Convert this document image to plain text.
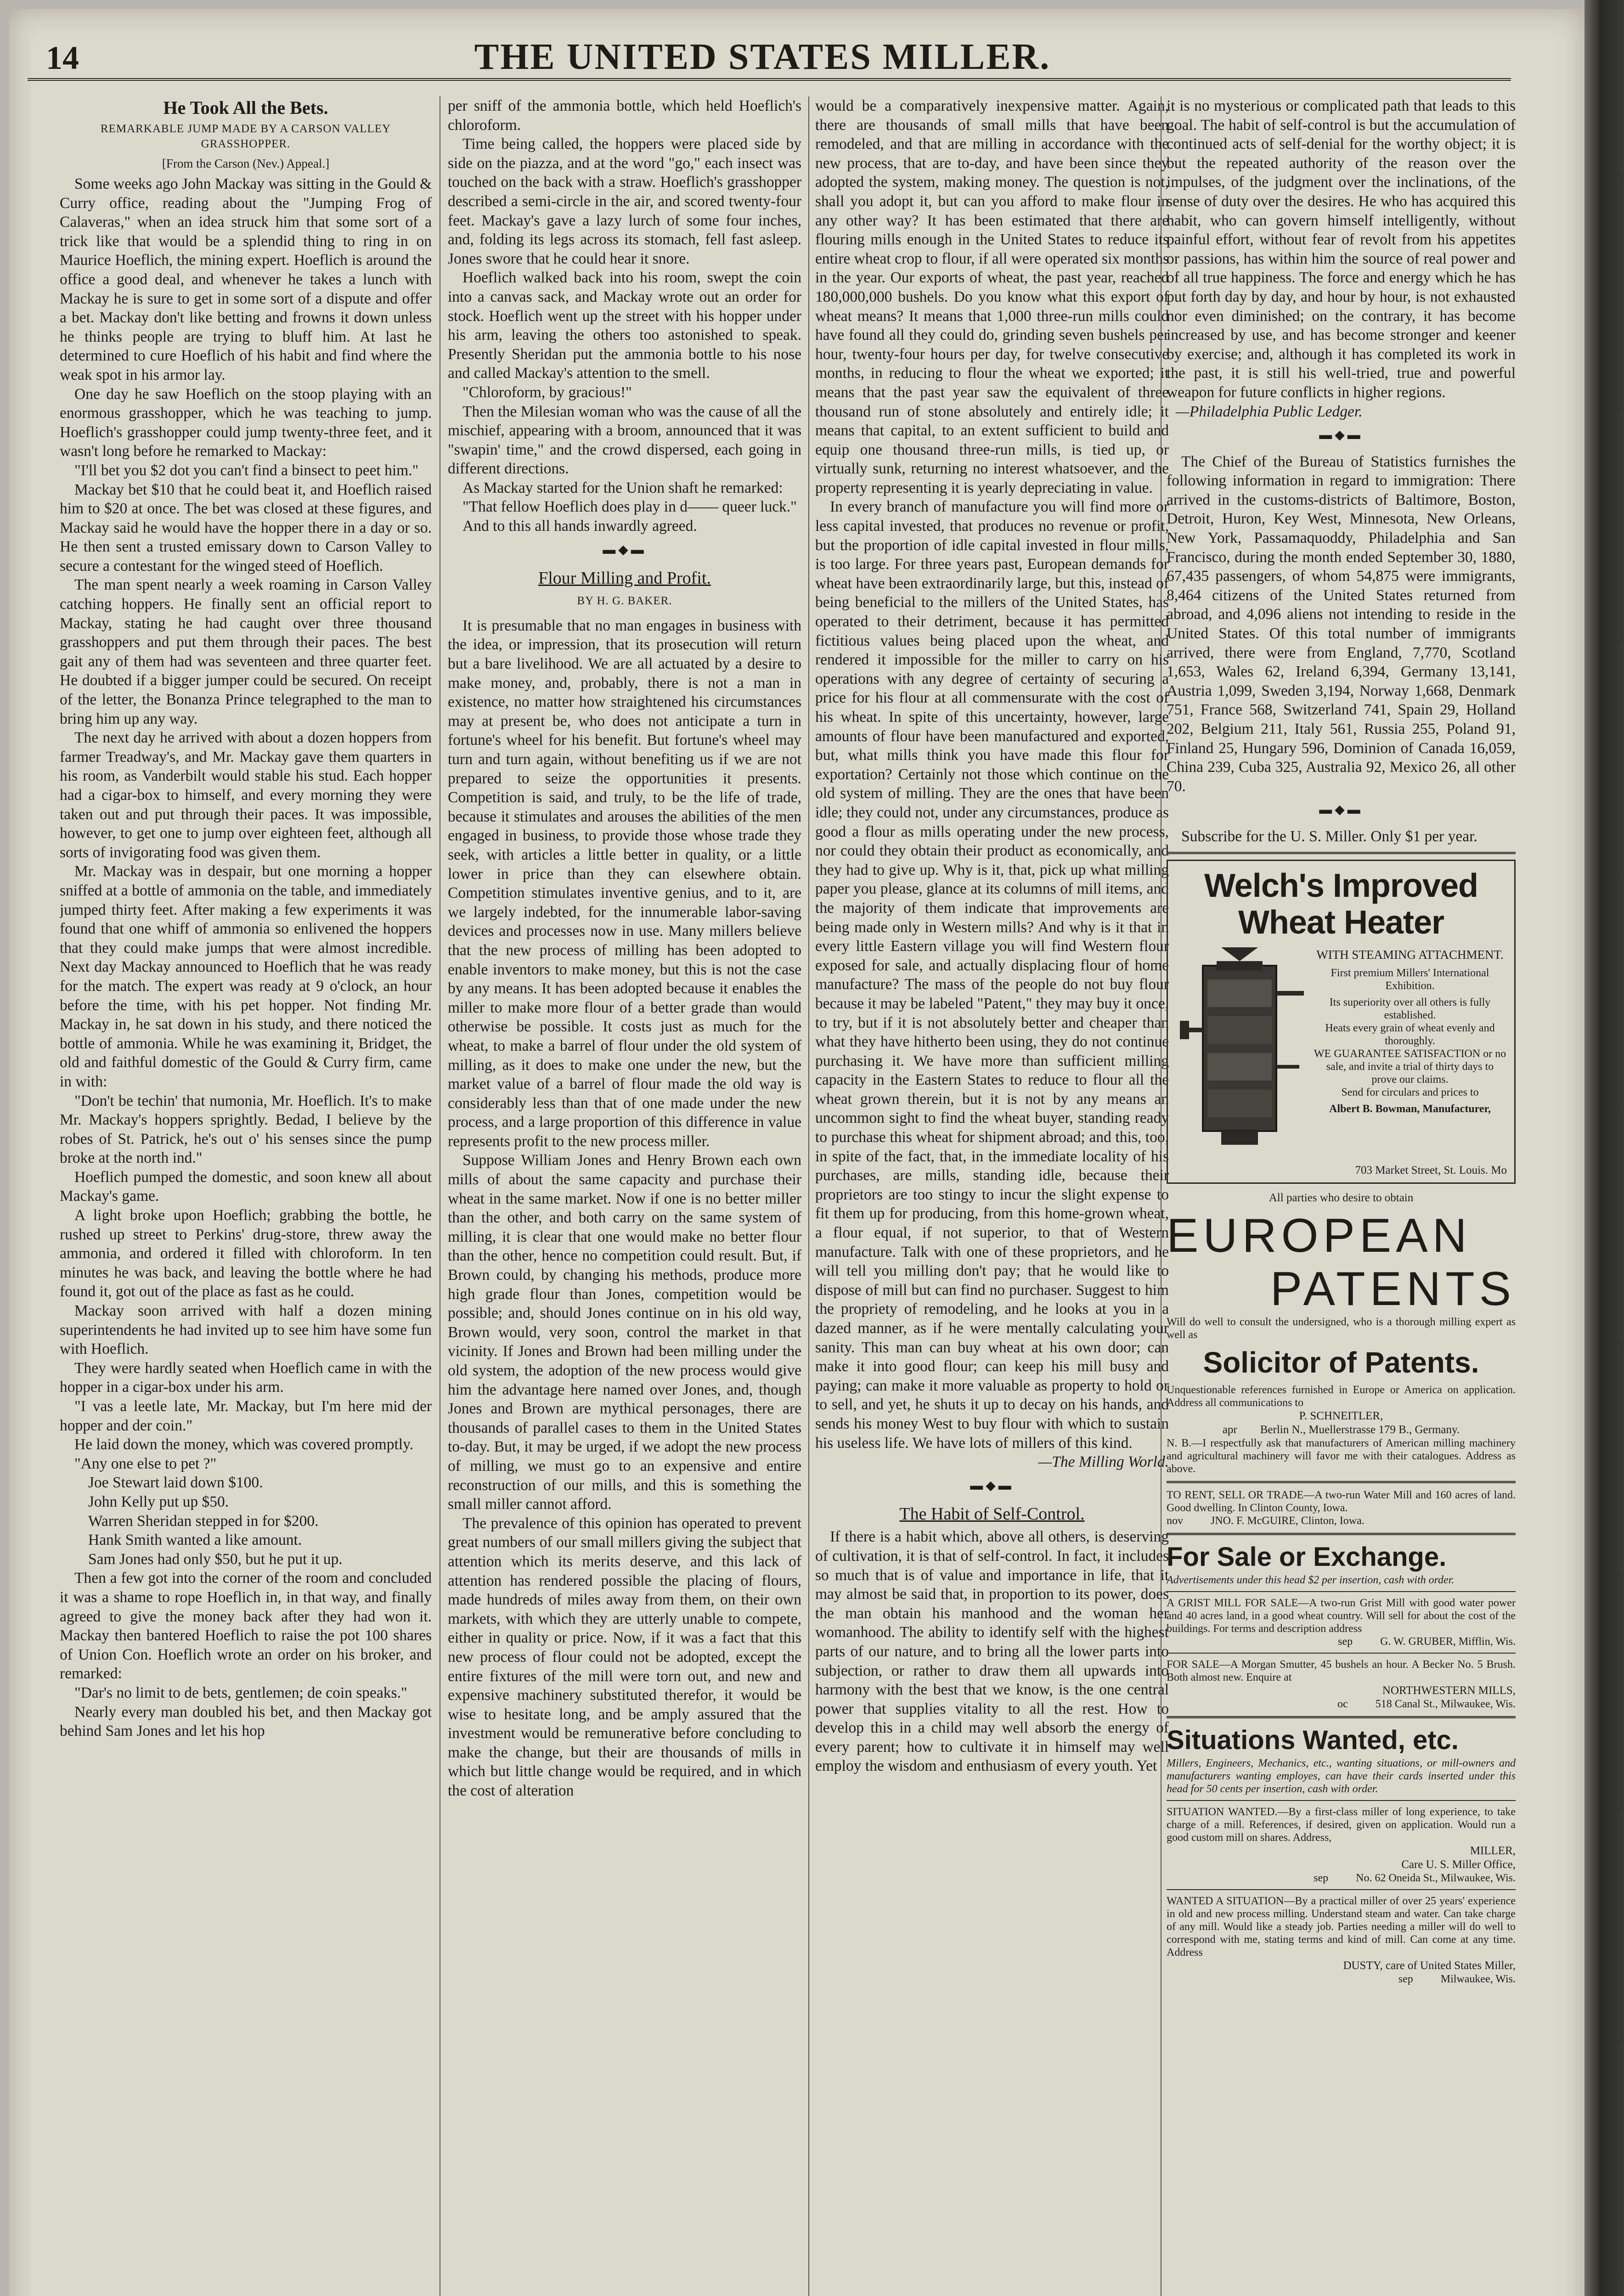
14	THE UNITED STATES MILLER.
He Took All the Bets.
REMARKABLE JUMP MADE BY A CARSON VALLEY GRASSHOPPER.
[From the Carson (Nev.) Appeal.]

Some weeks ago John Mackay was sitting in the Gould & Curry office, reading about the "Jumping Frog of Calaveras," when an idea struck him that some sort of a trick like that would be a splendid thing to ring in on Maurice Hoeflich, the mining expert. Hoeflich is around the office a good deal, and whenever he takes a lunch with Mackay he is sure to get in some sort of a dispute and offer a bet. Mackay don't like betting and frowns it down unless he thinks people are trying to bluff him. At last he determined to cure Hoeflich of his habit and find where the weak spot in his armor lay.

One day he saw Hoeflich on the stoop playing with an enormous grasshopper, which he was teaching to jump. Hoeflich's grasshopper could jump twenty-three feet, and it wasn't long before he remarked to Mackay:

"I'll bet you $2 dot you can't find a binsect to peet him."

Mackay bet $10 that he could beat it, and Hoeflich raised him to $20 at once. The bet was closed at these figures, and Mackay said he would have the hopper there in a day or so. He then sent a trusted emissary down to Carson Valley to secure a contestant for the winged steed of Hoeflich.

The man spent nearly a week roaming in Carson Valley catching hoppers. He finally sent an official report to Mackay, stating he had caught over three thousand grasshoppers and put them through their paces. The best gait any of them had was seventeen and three quarter feet. He doubted if a bigger jumper could be secured. On receipt of the letter, the Bonanza Prince telegraphed to the man to bring him up any way.

The next day he arrived with about a dozen hoppers from farmer Treadway's, and Mr. Mackay gave them quarters in his room, as Vanderbilt would stable his stud. Each hopper had a cigar-box to himself, and every morning they were taken out and put through their paces. It was impossible, however, to get one to jump over eighteen feet, although all sorts of invigorating food was given them.

Mr. Mackay was in despair, but one morning a hopper sniffed at a bottle of ammonia on the table, and immediately jumped thirty feet. After making a few experiments it was found that one whiff of ammonia so enlivened the hoppers that they could make jumps that were almost incredible. Next day Mackay announced to Hoeflich that he was ready for the match. The expert was ready at 9 o'clock, an hour before the time, with his pet hopper. Not finding Mr. Mackay in, he sat down in his study, and there noticed the bottle of ammonia. While he was examining it, Bridget, the old and faithful domestic of the Gould & Curry firm, came in with:

"Don't be techin' that numonia, Mr. Hoeflich. It's to make Mr. Mackay's hoppers sprightly. Bedad, I believe by the robes of St. Patrick, he's out o' his senses since the pump broke at the north ind."

Hoeflich pumped the domestic, and soon knew all about Mackay's game.

A light broke upon Hoeflich; grabbing the bottle, he rushed up street to Perkins' drug-store, threw away the ammonia, and ordered it filled with chloroform. In ten minutes he was back, and leaving the bottle where he had found it, got out of the place as fast as he could.

Mackay soon arrived with half a dozen mining superintendents he had invited up to see him have some fun with Hoeflich.

They were hardly seated when Hoeflich came in with the hopper in a cigar-box under his arm.

"I vas a leetle late, Mr. Mackay, but I'm here mid der hopper and der coin."

He laid down the money, which was covered promptly.

"Any one else to pet ?"

Joe Stewart laid down $100.

John Kelly put up $50.

Warren Sheridan stepped in for $200.

Hank Smith wanted a like amount.

Sam Jones had only $50, but he put it up.

Then a few got into the corner of the room and concluded it was a shame to rope Hoeflich in, in that way, and finally agreed to give the money back after they had won it. Mackay then bantered Hoeflich to raise the pot 100 shares of Union Con. Hoeflich wrote an order on his broker, and remarked:

"Dar's no limit to de bets, gentlemen; de coin speaks."

Nearly every man doubled his bet, and then Mackay got behind Sam Jones and let his hop

per sniff of the ammonia bottle, which held Hoeflich's chloroform.

Time being called, the hoppers were placed side by side on the piazza, and at the word "go," each insect was touched on the back with a straw. Hoeflich's grasshopper described a semi-circle in the air, and scored twenty-four feet. Mackay's gave a lazy lurch of some four inches, and, folding its legs across its stomach, fell fast asleep. Jones swore that he could hear it snore.

Hoeflich walked back into his room, swept the coin into a canvas sack, and Mackay wrote out an order for stock. Hoeflich went up the street with his hopper under his arm, leaving the others too astonished to speak. Presently Sheridan put the ammonia bottle to his nose and called Mackay's attention to the smell.

"Chloroform, by gracious!"

Then the Milesian woman who was the cause of all the mischief, appearing with a broom, announced that it was "swapin' time," and the crowd dispersed, each going in different directions.

As Mackay started for the Union shaft he remarked:

"That fellow Hoeflich does play in d—— queer luck."

And to this all hands inwardly agreed.

▬◆▬
Flour Milling and Profit.
BY H. G. BAKER.

It is presumable that no man engages in business with the idea, or impression, that its prosecution will return but a bare livelihood. We are all actuated by a desire to make money, and, probably, there is not a man in existence, no matter how straightened his circumstances may at present be, who does not anticipate a turn in fortune's wheel for his benefit. But fortune's wheel may turn and turn again, without benefiting us if we are not prepared to seize the opportunities it presents. Competition is said, and truly, to be the life of trade, because it stimulates and arouses the abilities of the men engaged in business, to provide those whose trade they seek, with articles a little better in quality, or a little lower in price than they can elsewhere obtain. Competition stimulates inventive genius, and to it, are we largely indebted, for the innumerable labor-saving devices and processes now in use. Many millers believe that the new process of milling has been adopted to enable inventors to make money, but this is not the case by any means. It has been adopted because it enables the miller to make more flour of a better grade than would otherwise be possible. It costs just as much for the wheat, to make a barrel of flour under the old system of milling, as it does to make one under the new, but the market value of a barrel of flour made the old way is considerably less than that of one made under the new process, and a large proportion of this difference in value represents profit to the new process miller.

Suppose William Jones and Henry Brown each own mills of about the same capacity and purchase their wheat in the same market. Now if one is no better miller than the other, and both carry on the same system of milling, it is clear that one would make no better flour than the other, hence no competition could result. But, if Brown could, by changing his methods, produce more high grade flour than Jones, competition would be possible; and, should Jones continue on in his old way, Brown would, very soon, control the market in that vicinity. If Jones and Brown had been milling under the old system, the adoption of the new process would give him the advantage here named over Jones, and, though Jones and Brown are mythical personages, there are thousands of parallel cases to them in the United States to-day. But, it may be urged, if we adopt the new process of milling, we must go to an expensive and entire reconstruction of our mills, and this is something the small miller cannot afford.

The prevalence of this opinion has operated to prevent great numbers of our small millers giving the subject that attention which its merits deserve, and this lack of attention has rendered possible the placing of flours, made hundreds of miles away from them, on their own markets, with which they are utterly unable to compete, either in quality or price. Now, if it was a fact that this new process of flour could not be adopted, except the entire fixtures of the mill were torn out, and new and expensive machinery substituted therefor, it would be wise to hesitate long, and be amply assured that the investment would be remunerative before concluding to make the change, but their are thousands of mills in which but little change would be required, and in which the cost of alteration

would be a comparatively inexpensive matter. Again, there are thousands of small mills that have been remodeled, and that are milling in accordance with the new process, that are to-day, and have been since they adopted the system, making money. The question is not, shall you adopt it, but can you afford to make flour in any other way? It has been estimated that there are flouring mills enough in the United States to reduce its entire wheat crop to flour, if all were operated six months in the year. Our exports of wheat, the past year, reached 180,000,000 bushels. Do you know what this export of wheat means? It means that 1,000 three-run mills could have found all they could do, grinding seven bushels per hour, twenty-four hours per day, for twelve consecutive months, in reducing to flour the wheat we exported; it means that the past year saw the equivalent of three thousand run of stone absolutely and entirely idle; it means that capital, to an extent sufficient to build and equip one thousand three-run mills, is tied up, or virtually sunk, returning no interest whatsoever, and the property representing it is yearly depreciating in value.

In every branch of manufacture you will find more or less capital invested, that produces no revenue or profit, but the proportion of idle capital invested in flour mills, is too large. For three years past, European demands for wheat have been extraordinarily large, but this, instead of being beneficial to the millers of the United States, has operated to their detriment, because it has permitted fictitious values being placed upon the wheat, and rendered it impossible for the miller to carry on his operations with any degree of certainty of securing a price for his flour at all commensurate with the cost of his wheat. In spite of this uncertainty, however, large amounts of flour have been manufactured and exported, but, what mills think you have made this flour for exportation? Certainly not those which continue on the old system of milling. They are the ones that have been idle; they could not, under any circumstances, produce as good a flour as mills operating under the new process, nor could they obtain their product as economically, and they had to give up. Why is it, that, pick up what milling paper you please, glance at its columns of mill items, and the majority of them indicate that improvements are being made only in Western mills? And why is it that in every little Eastern village you will find Western flour exposed for sale, and actually displacing flour of home manufacture? The mass of the people do not buy flour because it may be labeled "Patent," they may buy it once, to try, but if it is not absolutely better and cheaper than what they have hitherto been using, they do not continue purchasing it. We have more than sufficient milling capacity in the Eastern States to reduce to flour all the wheat grown therein, but it is not by any means an uncommon sight to find the wheat buyer, standing ready to purchase this wheat for shipment abroad; and this, too, in spite of the fact, that, in the immediate locality of his purchases, are mills, standing idle, because their proprietors are too stingy to incur the slight expense to fit them up for producing, from this home-grown wheat, a flour equal, if not superior, to that of Western manufacture. Talk with one of these proprietors, and he will tell you milling don't pay; that he would like to dispose of mill but can find no purchaser. Suggest to him the propriety of remodeling, and he looks at you in a dazed manner, as if he were mentally calculating your sanity. This man can buy wheat at his own door; can make it into good flour; can keep his mill busy and paying; can make it more valuable as property to hold or to sell, and yet, he shuts it up to decay on his hands, and sends his money West to buy flour with which to sustain his useless life. We have lots of millers of this kind.

—The Milling World.

▬◆▬
The Habit of Self-Control.

If there is a habit which, above all others, is deserving of cultivation, it is that of self-control. In fact, it includes so much that is of value and importance in life, that it may almost be said that, in proportion to its power, does the man obtain his manhood and the woman her womanhood. The ability to identify self with the highest parts of our nature, and to bring all the lower parts into subjection, or rather to draw them all upwards into harmony with the best that we know, is the one central power that supplies vitality to all the rest. How to develop this in a child may well absorb the energy of every parent; how to cultivate it in himself may well employ the wisdom and enthusiasm of every youth. Yet

it is no mysterious or complicated path that leads to this goal. The habit of self-control is but the accumulation of continued acts of self-denial for the worthy object; it is but the repeated authority of the reason over the impulses, of the judgment over the inclinations, of the sense of duty over the desires. He who has acquired this habit, who can govern himself intelligently, without painful effort, without fear of revolt from his appetites or passions, has within him the source of real power and of all true happiness. The force and energy which he has put forth day by day, and hour by hour, is not exhausted nor even diminished; on the contrary, it has become increased by use, and has become stronger and keener by exercise; and, although it has completed its work in the past, it is still his well-tried, true and powerful weapon for future conflicts in higher regions.

—Philadelphia Public Ledger.

▬◆▬

The Chief of the Bureau of Statistics furnishes the following information in regard to immigration: There arrived in the customs-districts of Baltimore, Boston, Detroit, Huron, Key West, Minnesota, New Orleans, New York, Passamaquoddy, Philadelphia and San Francisco, during the month ended September 30, 1880, 67,435 passengers, of whom 54,875 were immigrants, 8,464 citizens of the United States returned from abroad, and 4,096 aliens not intending to reside in the United States. Of this total number of immigrants arrived, there were from England, 7,770, Scotland 1,653, Wales 62, Ireland 6,394, Germany 13,141, Austria 1,099, Sweden 3,194, Norway 1,668, Denmark 751, France 568, Switzerland 741, Spain 29, Holland 202, Belgium 211, Italy 561, Russia 255, Poland 91, Finland 25, Hungary 596, Dominion of Canada 16,059, China 239, Cuba 325, Australia 92, Mexico 26, all other 70.

▬◆▬

Subscribe for the U. S. Miller. Only $1 per year.

Welch's Improved Wheat Heater
WITH STEAMING ATTACHMENT.
First premium Millers' International Exhibition.
Its superiority over all others is fully established.
Heats every grain of wheat evenly and thoroughly.
WE GUARANTEE SATISFACTION or no sale, and invite a trial of thirty days to prove our claims.
Send for circulars and prices to
Albert B. Bowman, Manufacturer,
703 Market Street, St. Louis. Mo
All parties who desire to obtain
EUROPEAN
PATENTS
Will do well to consult the undersigned, who is a thorough milling expert as well as
Solicitor of Patents.
Unquestionable references furnished in Europe or America on application. Address all communications to
P. SCHNEITLER,
apr        Berlin N., Muellerstrasse 179 B., Germany.
N. B.—I respectfully ask that manufacturers of American milling machinery and agricultural machinery will favor me with their catalogues. Address as above.
TO RENT, SELL OR TRADE—A two-run Water Mill and 160 acres of land. Good dwelling. In Clinton County, Iowa.
nov          JNO. F. McGUIRE, Clinton, Iowa.
For Sale or Exchange.
Advertisements under this head $2 per insertion, cash with order.
A GRIST MILL FOR SALE—A two-run Grist Mill with good water power and 40 acres land, in a good wheat country. Will sell for about the cost of the buildings. For terms and description address
sep          G. W. GRUBER, Mifflin, Wis.
FOR SALE—A Morgan Smutter, 45 bushels an hour. A Becker No. 5 Brush. Both almost new. Enquire at
NORTHWESTERN MILLS,
oc          518 Canal St., Milwaukee, Wis.
Situations Wanted, etc.
Millers, Engineers, Mechanics, etc., wanting situations, or mill-owners and manufacturers wanting employes, can have their cards inserted under this head for 50 cents per insertion, cash with order.
SITUATION WANTED.—By a first-class miller of long experience, to take charge of a mill. References, if desired, given on application. Would run a good custom mill on shares. Address,
MILLER,
Care U. S. Miller Office,
sep          No. 62 Oneida St., Milwaukee, Wis.
WANTED A SITUATION—By a practical miller of over 25 years' experience in old and new process milling. Understand steam and water. Can take charge of any mill. Would like a steady job. Parties needing a miller will do well to correspond with me, stating terms and kind of mill. Can come at any time. Address
DUSTY, care of United States Miller,
sep          Milwaukee, Wis.
